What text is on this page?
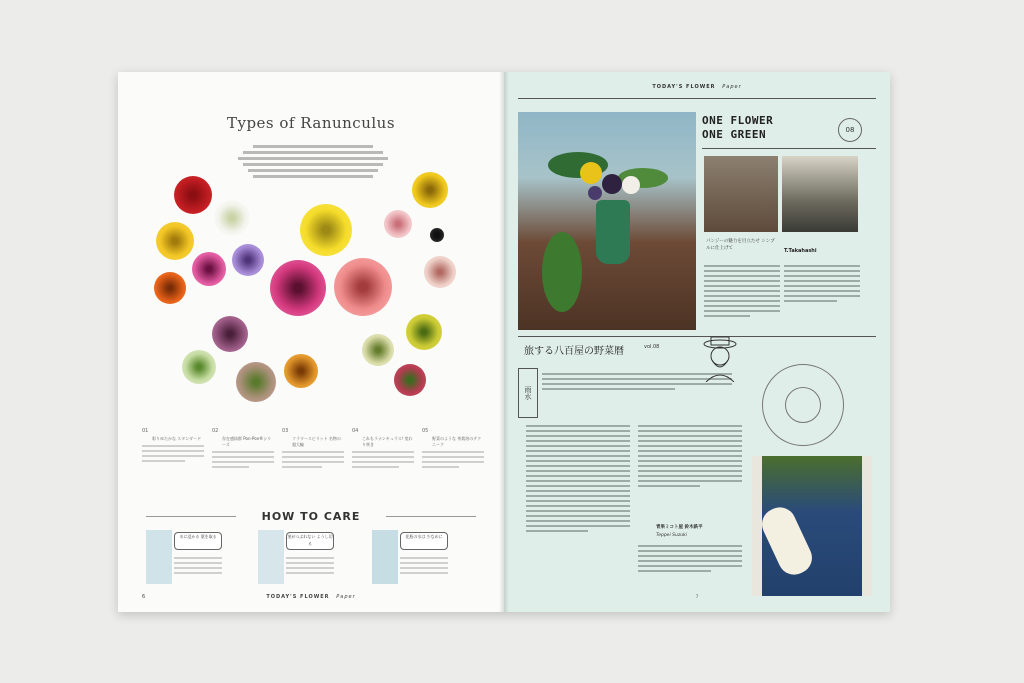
Types of Ranunculus
01
彩りゆたかな スタンダード
02
存在感抜群 Pon-Pon®シリーズ
03
フラワースピリット 名物の超大輪
04
これもラナンキュラス! 変わり咲き
05
野菜のような 茶栽培のテクニーク
HOW TO CARE
水に浸かる 葉を取る	茎がつぶれない ようし切る
花瓶の水は 少なめに
6	TODAY'S FLOWER Paper
TODAY'S FLOWER Paper
ONE FLOWER
ONE GREEN	08
パンジーの魅力を目立たせ シンプルに仕上げて	T.Takahashi
旅する八百屋の野菜暦	vol.08
雨水
青果ミコト屋 鈴木鉄平
Teppei Suzuki
7
